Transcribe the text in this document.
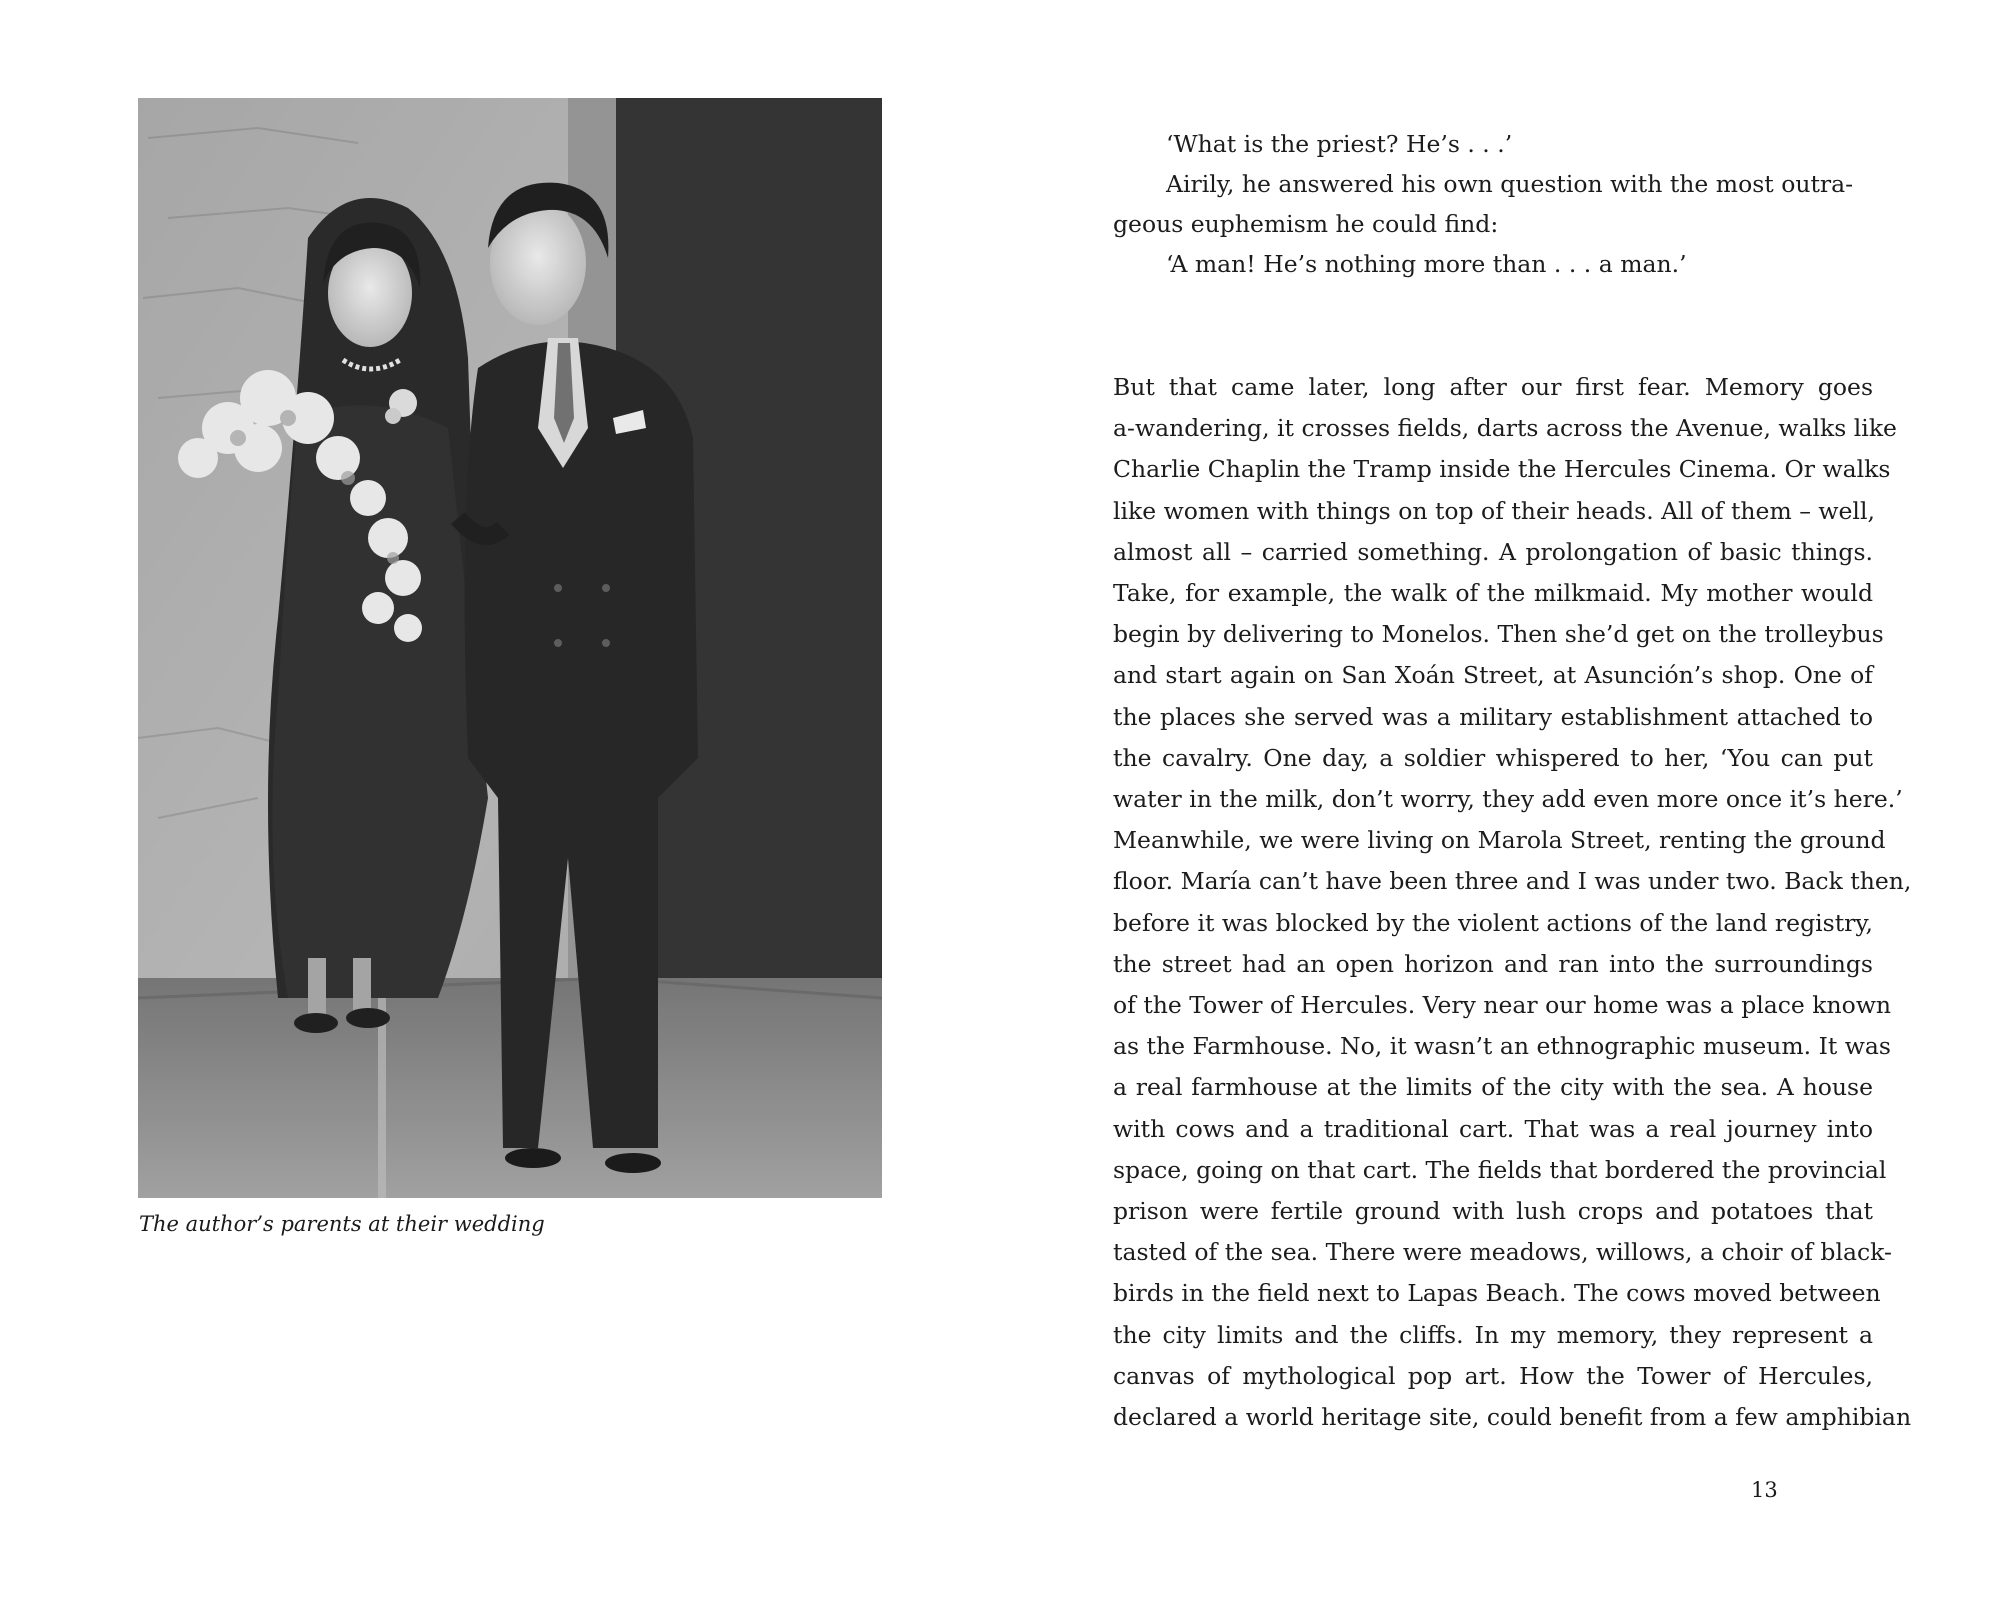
The author’s parents at their wedding
‘What is the priest? He’s . . .’
Airily, he answered his own question with the most outra-
geous euphemism he could find:
‘A man! He’s nothing more than . . . a man.’
But that came later, long after our first fear. Memory goes
a-wandering, it crosses fields, darts across the Avenue, walks like
Charlie Chaplin the Tramp inside the Hercules Cinema. Or walks
like women with things on top of their heads. All of them – well,
almost all – carried something. A prolongation of basic things.
Take, for example, the walk of the milkmaid. My mother would
begin by delivering to Monelos. Then she’d get on the trolleybus
and start again on San Xoán Street, at Asunción’s shop. One of
the places she served was a military establishment attached to
the cavalry. One day, a soldier whispered to her, ‘You can put
water in the milk, don’t worry, they add even more once it’s here.’
Meanwhile, we were living on Marola Street, renting the ground
floor. María can’t have been three and I was under two. Back then,
before it was blocked by the violent actions of the land registry,
the street had an open horizon and ran into the surroundings
of the Tower of Hercules. Very near our home was a place known
as the Farmhouse. No, it wasn’t an ethnographic museum. It was
a real farmhouse at the limits of the city with the sea. A house
with cows and a traditional cart. That was a real journey into
space, going on that cart. The fields that bordered the provincial
prison were fertile ground with lush crops and potatoes that
tasted of the sea. There were meadows, willows, a choir of black-
birds in the field next to Lapas Beach. The cows moved between
the city limits and the cliffs. In my memory, they represent a
canvas of mythological pop art. How the Tower of Hercules,
declared a world heritage site, could benefit from a few amphibian
13
